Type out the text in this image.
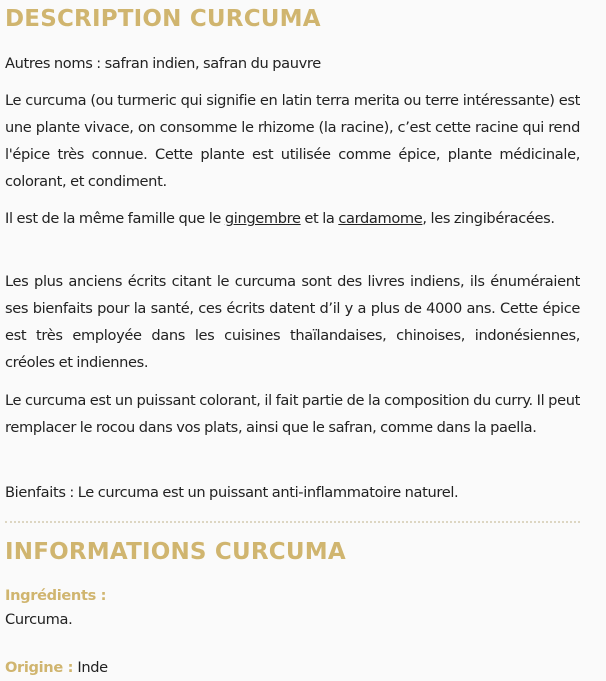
DESCRIPTION CURCUMA

Autres noms : safran indien, safran du pauvre

Le curcuma (ou turmeric qui signifie en latin terra merita ou terre intéressante) est une plante vivace, on consomme le rhizome (la racine), c’est cette racine qui rend l'épice très connue. Cette plante est utilisée comme épice, plante médicinale, colorant, et condiment.

Il est de la même famille que le gingembre et la cardamome, les zingibéracées.

Les plus anciens écrits citant le curcuma sont des livres indiens, ils énuméraient ses bienfaits pour la santé, ces écrits datent d’il y a plus de 4000 ans. Cette épice est très employée dans les cuisines thaïlandaises, chinoises, indonésiennes, créoles et indiennes.

Le curcuma est un puissant colorant, il fait partie de la composition du curry. Il peut remplacer le rocou dans vos plats, ainsi que le safran, comme dans la paella.

Bienfaits : Le curcuma est un puissant anti-inflammatoire naturel.

INFORMATIONS CURCUMA

Ingrédients :

Curcuma.

Origine : Inde
